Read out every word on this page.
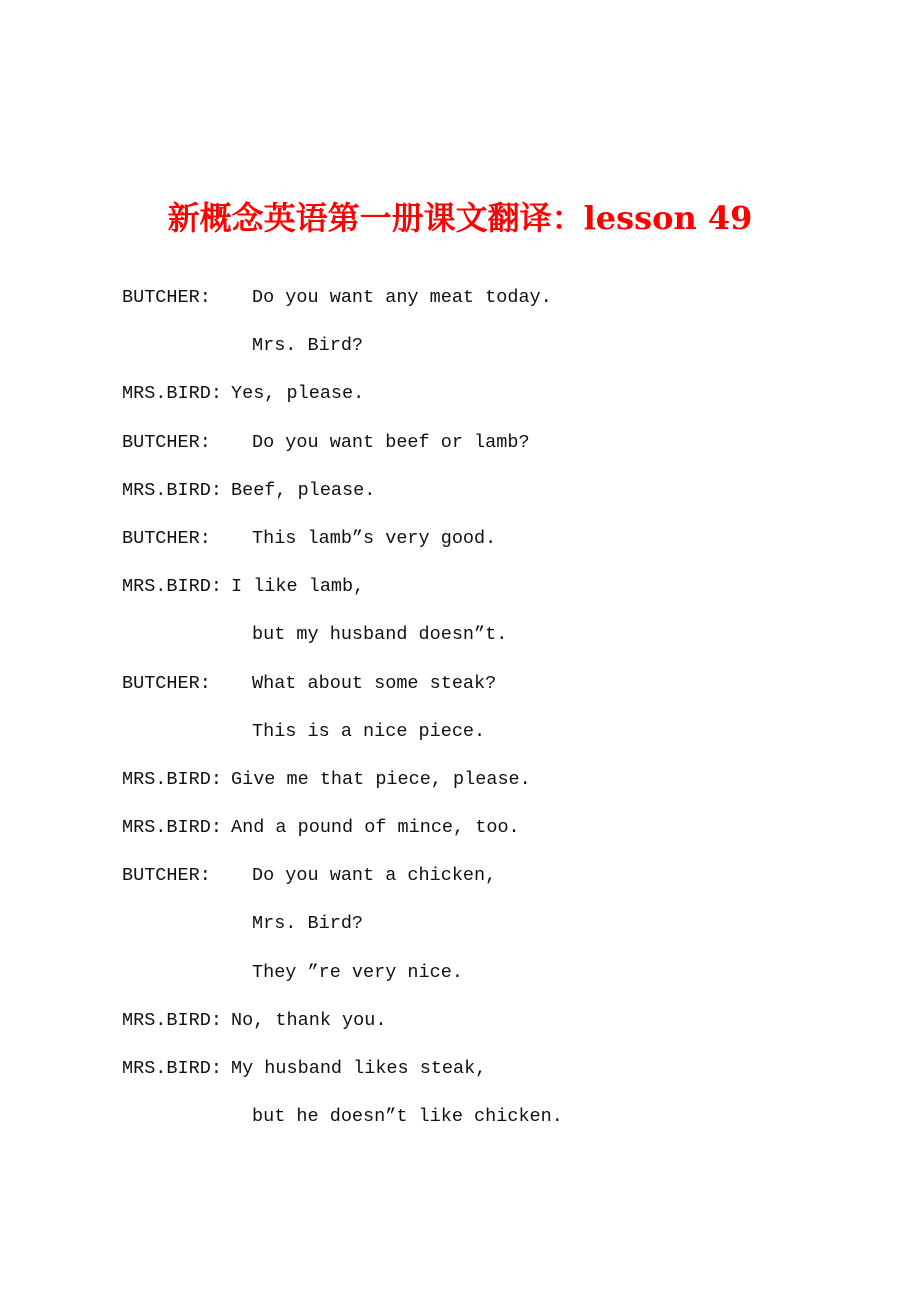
新概念英语第一册课文翻译：lesson 49
BUTCHER: Do you want any meat today.
Mrs. Bird?
MRS.BIRD: Yes, please.
BUTCHER: Do you want beef or lamb?
MRS.BIRD: Beef, please.
BUTCHER: This lamb”s very good.
MRS.BIRD: I like lamb,
but my husband doesn”t.
BUTCHER: What about some steak?
This is a nice piece.
MRS.BIRD: Give me that piece, please.
MRS.BIRD: And a pound of mince, too.
BUTCHER: Do you want a chicken,
Mrs. Bird?
They ”re very nice.
MRS.BIRD: No, thank you.
MRS.BIRD: My husband likes steak,
but he doesn”t like chicken.
